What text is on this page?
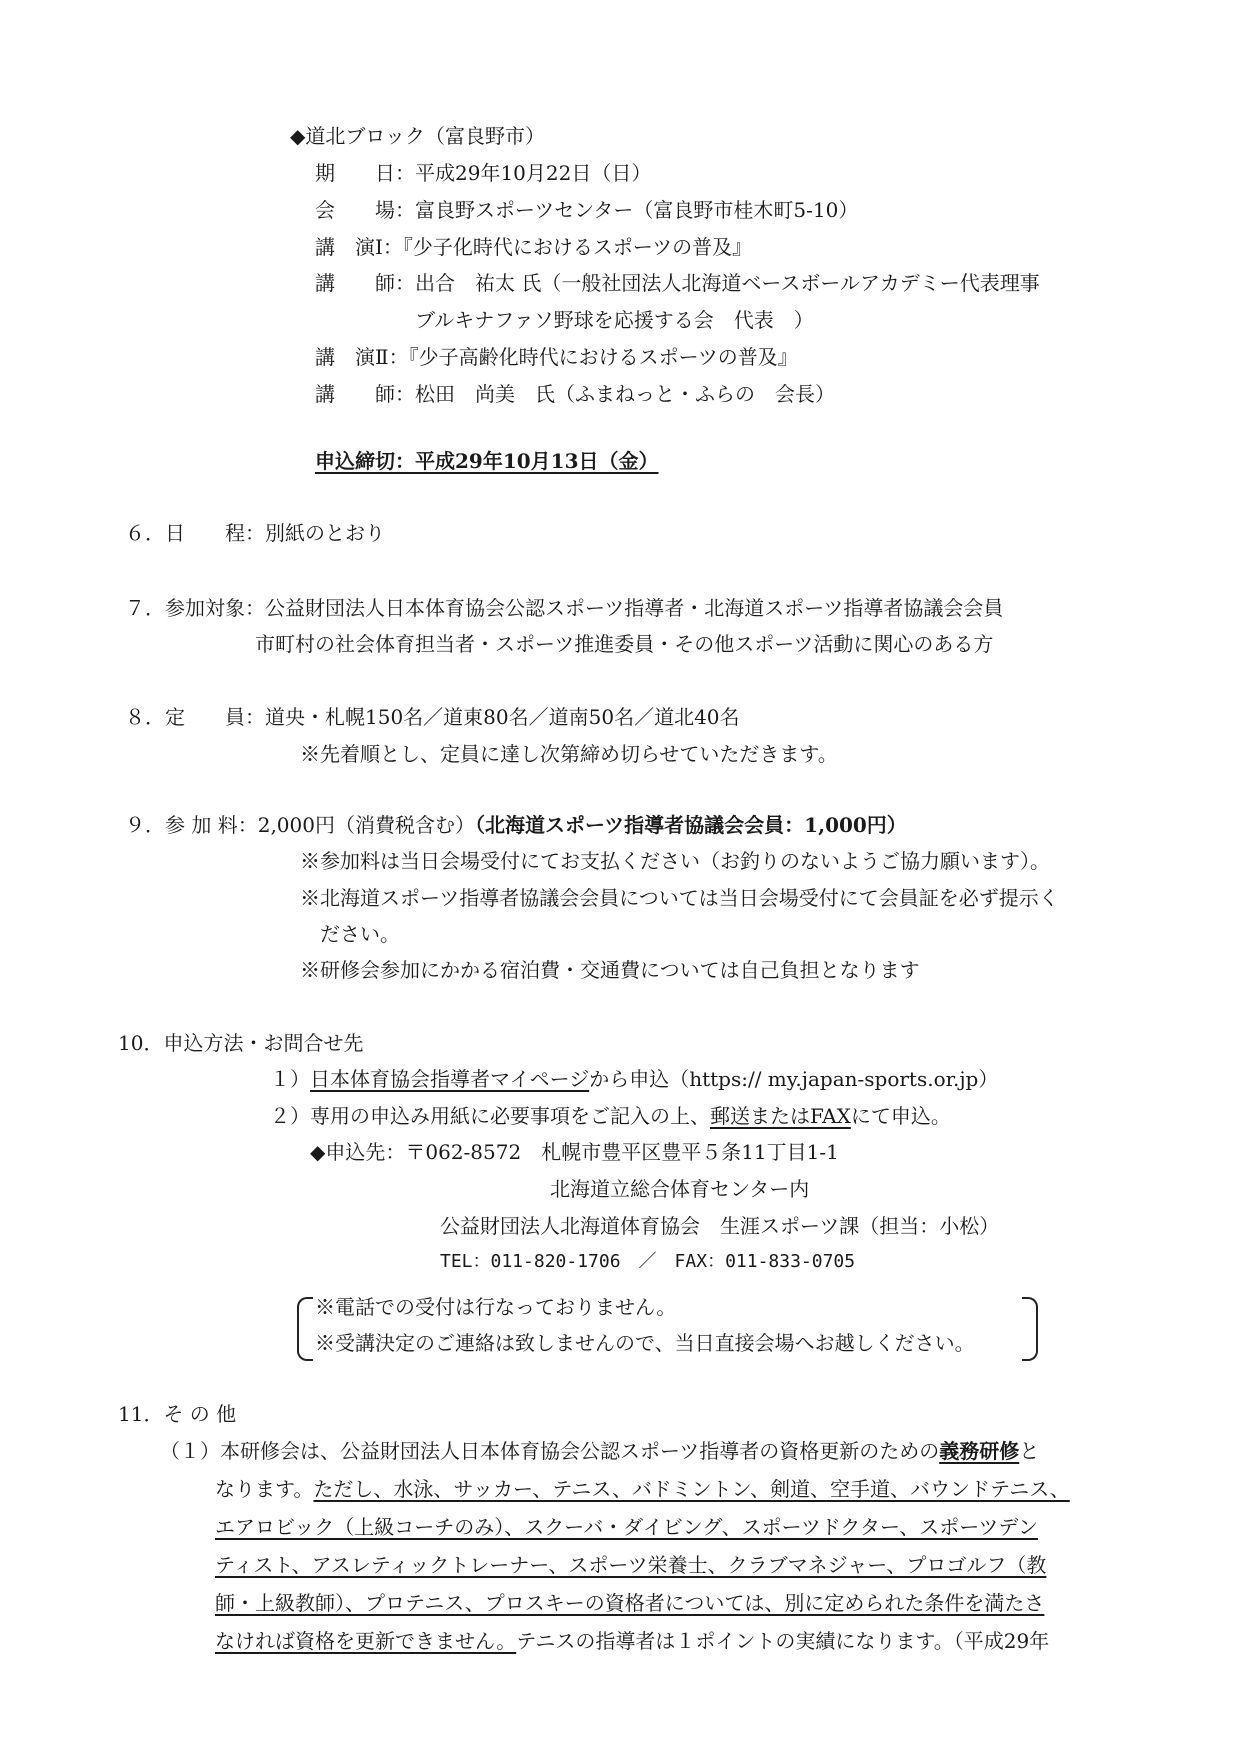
◆道北ブロック（富良野市）
期　　日：平成29年10月22日（日）
会　　場：富良野スポーツセンター（富良野市桂木町5-10）
講　演Ⅰ：『少子化時代におけるスポーツの普及』
講　　師：出合　祐太 氏（一般社団法人北海道ベースボールアカデミー代表理事
ブルキナファソ野球を応援する会　代表　）
講　演Ⅱ：『少子高齢化時代におけるスポーツの普及』
講　　師：松田　尚美　氏（ふまねっと・ふらの　会長）
申込締切：平成29年10月13日（金）
６．日　　程：別紙のとおり
７．参加対象：公益財団法人日本体育協会公認スポーツ指導者・北海道スポーツ指導者協議会会員
市町村の社会体育担当者・スポーツ推進委員・その他スポーツ活動に関心のある方
８．定　　員：道央・札幌150名／道東80名／道南50名／道北40名
※先着順とし、定員に達し次第締め切らせていただきます。
９．参 加 料：2,000円（消費税含む）（北海道スポーツ指導者協議会会員：1,000円）
※参加料は当日会場受付にてお支払ください（お釣りのないようご協力願います）。
※北海道スポーツ指導者協議会会員については当日会場受付にて会員証を必ず提示く
ださい。
※研修会参加にかかる宿泊費・交通費については自己負担となります
10．申込方法・お問合せ先
１）日本体育協会指導者マイページから申込（https:// my.japan-sports.or.jp）
２）専用の申込み用紙に必要事項をご記入の上、郵送またはFAXにて申込。
◆申込先：〒062-8572　札幌市豊平区豊平５条11丁目1-1
北海道立総合体育センター内
公益財団法人北海道体育協会　生涯スポーツ課（担当：小松）
TEL：011-820-1706　／　FAX：011-833-0705
※電話での受付は行なっておりません。
※受講決定のご連絡は致しませんので、当日直接会場へお越しください。
11．そ の 他
（１）本研修会は、公益財団法人日本体育協会公認スポーツ指導者の資格更新のための義務研修と
なります。ただし、水泳、サッカー、テニス、バドミントン、剣道、空手道、バウンドテニス、
エアロビック（上級コーチのみ）、スクーバ・ダイビング、スポーツドクター、スポーツデン
ティスト、アスレティックトレーナー、スポーツ栄養士、クラブマネジャー、プロゴルフ（教
師・上級教師）、プロテニス、プロスキーの資格者については、別に定められた条件を満たさ
なければ資格を更新できません。テニスの指導者は１ポイントの実績になります。（平成29年
